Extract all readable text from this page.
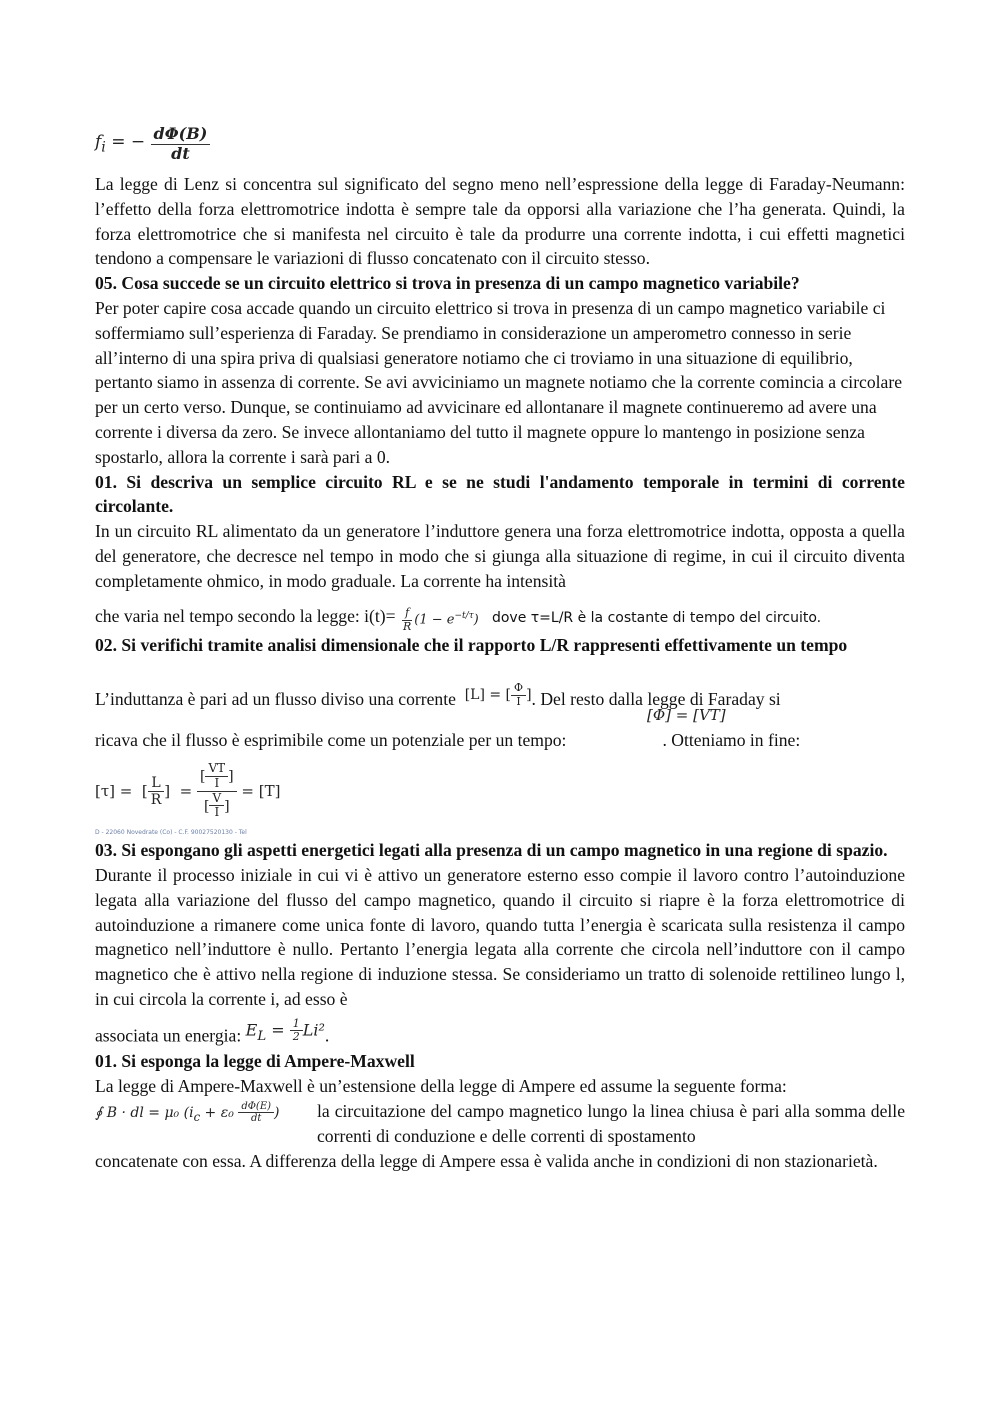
$f_i$ = − $\frac{d\Phi(B)}{dt}$

La legge di Lenz si concentra sul significato del segno meno nell’espressione della legge di Faraday-Neumann: l’effetto della forza elettromotrice indotta è sempre tale da opporsi alla variazione che l’ha generata. Quindi, la forza elettromotrice che si manifesta nel circuito è tale da produrre una corrente indotta, i cui effetti magnetici tendono a compensare le variazioni di flusso concatenato con il circuito stesso.

05. Cosa succede se un circuito elettrico si trova in presenza di un campo magnetico variabile?

Per poter capire cosa accade quando un circuito elettrico si trova in presenza di un campo magnetico variabile ci soffermiamo sull’esperienza di Faraday. Se prendiamo in considerazione un amperometro connesso in serie all’interno di una spira priva di qualsiasi generatore notiamo che ci troviamo in una situazione di equilibrio, pertanto siamo in assenza di corrente. Se avi avviciniamo un magnete notiamo che la corrente comincia a circolare per un certo verso. Dunque, se continuiamo ad avvicinare ed allontanare il magnete continueremo ad avere una corrente i diversa da zero. Se invece allontaniamo del tutto il magnete oppure lo mantengo in posizione senza spostarlo, allora la corrente i sarà pari a 0.

01. Si descriva un semplice circuito RL e se ne studi l'andamento temporale in termini di corrente circolante.

In un circuito RL alimentato da un generatore l’induttore genera una forza elettromotrice indotta, opposta a quella del generatore, che decresce nel tempo in modo che si giunga alla situazione di regime, in cui il circuito diventa completamente ohmico, in modo graduale. La corrente ha intensità

che varia nel tempo secondo la legge: $i(t)= \frac{f}{R} (1 - e^{-t/\tau})$ dove τ=L/R è la costante di tempo del circuito.

02. Si verifichi tramite analisi dimensionale che il rapporto L/R rappresenti effettivamente un tempo

L’induttanza è pari ad un flusso diviso una corrente [L] = [ $\frac{\Phi}{I}$ ]. Del resto dalla legge di Faraday si

[Φ] = [VT]

ricava che il flusso è esprimibile come un potenziale per un tempo:	. Otteniamo in fine:

[τ] = [ $\frac{L}{R}$ ]  = $\frac{[ \frac{VT}{I} ]}{[ \frac{V}{I} ]}$
= [T]
D - 22060 Novedrate (Co) - C.F. 90027520130 - Tel

03. Si espongano gli aspetti energetici legati alla presenza di un campo magnetico in una regione di spazio.

Durante il processo iniziale in cui vi è attivo un generatore esterno esso compie il lavoro contro l’autoinduzione legata alla variazione del flusso del campo magnetico, quando il circuito si riapre è la forza elettromotrice di autoinduzione a rimanere come unica fonte di lavoro, quando tutta l’energia è scaricata sulla resistenza il campo magnetico nell’induttore è nullo. Pertanto l’energia legata alla corrente che circola nell’induttore con il campo magnetico che è attivo nella regione di induzione stessa. Se consideriamo un tratto di solenoide rettilineo lungo l, in cui circola la corrente i, ad esso è

associata un energia: $E_L = \frac{1}{2} Li^2$.

01. Si esponga la legge di Ampere-Maxwell

La legge di Ampere-Maxwell è un’estensione della legge di Ampere ed assume la seguente forma:

∮ B · dl = μ₀ ($i_c + \varepsilon_0 \frac{d\Phi(E)}{dt}$ )	la circuitazione del campo magnetico lungo la linea chiusa è pari alla somma delle correnti di conduzione e delle correnti di spostamento

concatenate con essa. A differenza della legge di Ampere essa è valida anche in condizioni di non stazionarietà.
